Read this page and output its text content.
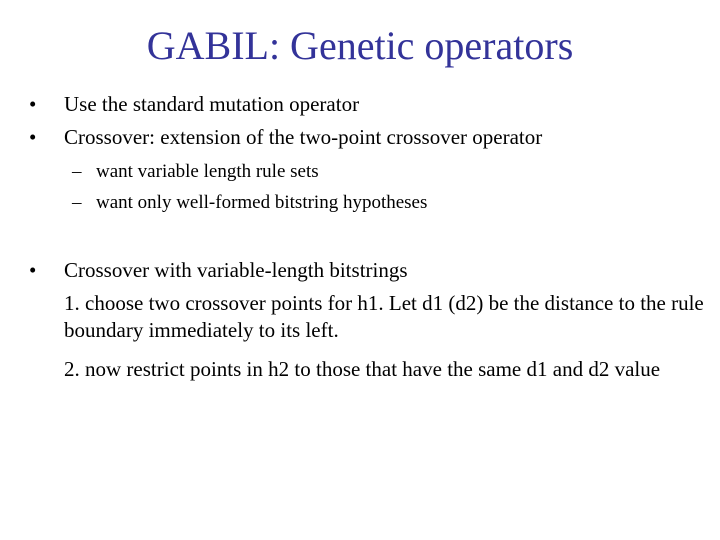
GABIL: Genetic operators
• Use the standard mutation operator
• Crossover: extension of the two-point crossover operator
– want variable length rule sets
– want only well-formed bitstring hypotheses
• Crossover with variable-length bitstrings
1. choose two crossover points for h1. Let d1 (d2) be the distance to the rule boundary immediately to its left.
2. now restrict points in h2 to those that have the same d1 and d2 value
